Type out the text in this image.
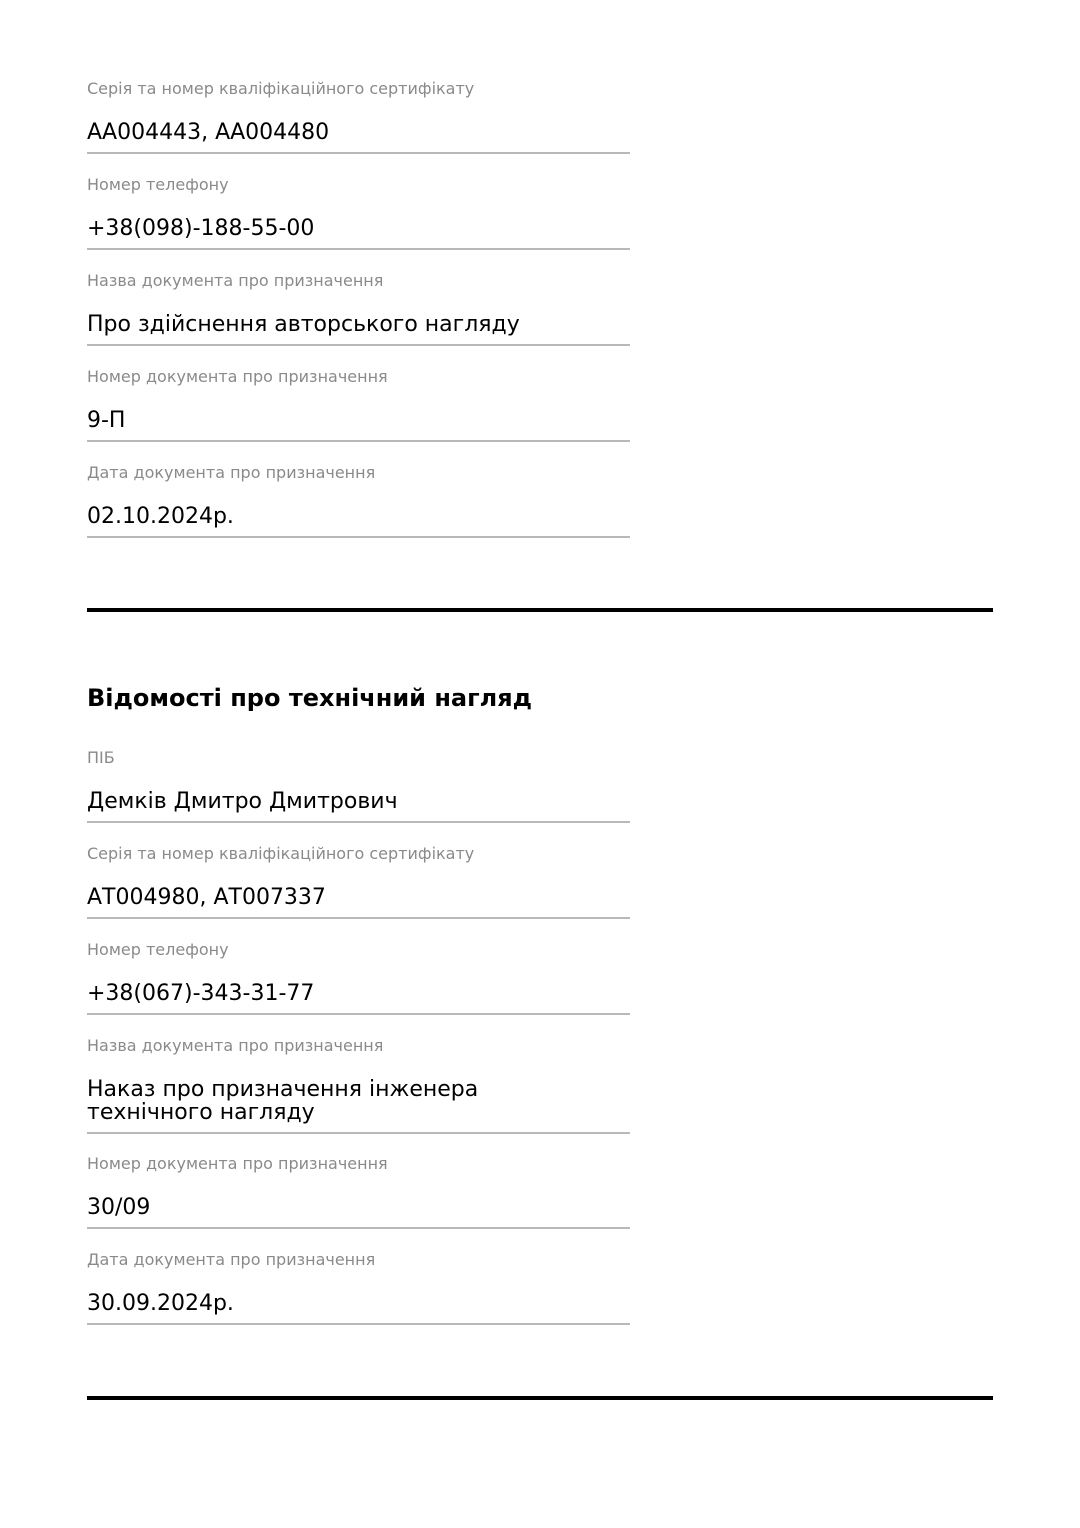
Серія та номер кваліфікаційного сертифікату
АА004443, АА004480
Номер телефону
+38(098)-188-55-00
Назва документа про призначення
Про здійснення авторського нагляду
Номер документа про призначення
9-П
Дата документа про призначення
02.10.2024р.
Відомості про технічний нагляд
ПІБ
Демків Дмитро Дмитрович
Серія та номер кваліфікаційного сертифікату
АТ004980, АТ007337
Номер телефону
+38(067)-343-31-77
Назва документа про призначення
Наказ про призначення інженера технічного нагляду
Номер документа про призначення
30/09
Дата документа про призначення
30.09.2024р.
